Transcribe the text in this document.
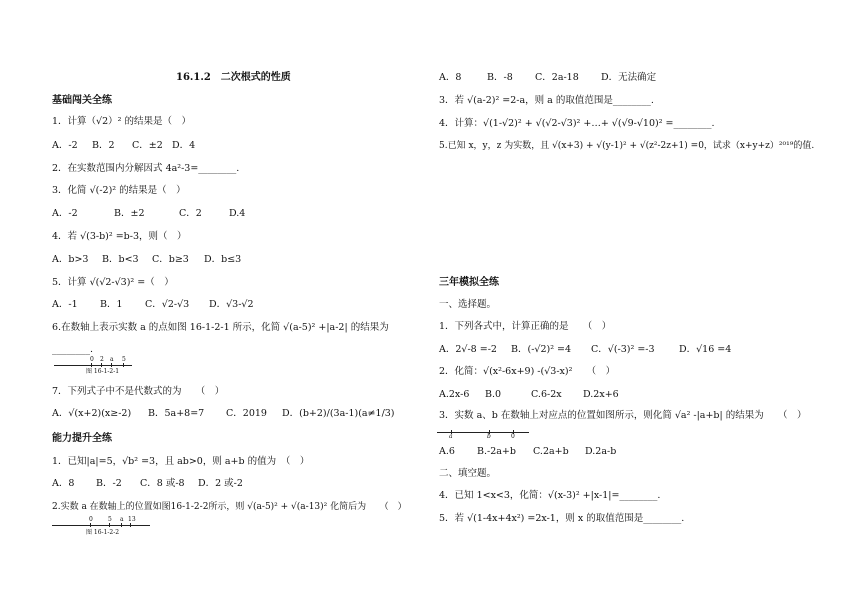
16.1.2　二次根式的性质
基础闯关全练
1．计算（√2）² 的结果是（　）
A．-2 B．2 C．±2 D．4
2．在实数范围内分解因式 4a²-3=________.
3．化简 √(-2)² 的结果是（　）
A．-2	B．±2	C．2	D.4
4．若 √(3-b)² =b-3，则（　）
A．b>3 B．b<3 C．b≥3 D．b≤3
5．计算 √(√2-√3)² =（　）
A．-1 B．1 C．√2-√3 D．√3-√2
6.在数轴上表示实数 a 的点如图 16-1-2-1 所示，化简 √(a-5)² +|a-2| 的结果为
________.
0 2 a 5
图 16-1-2-1
7．下列式子中不是代数式的为　　（　）
A．√(x+2)(x≥-2) B．5a+8=7 C．2019 D．(b+2)/(3a-1)(a≠1/3)
能力提升全练
1．已知|a|=5，√b² =3，且 ab>0，则 a+b 的值为　（　）
A．8 B．-2 C．8 或-8 D．2 或-2
2.实数 a 在数轴上的位置如图16-1-2-2所示，则 √(a-5)² + √(a-13)² 化简后为　　（　）
0	5 a 13
图 16-1-2-2
A．8	B．-8 C．2a-18 D．无法确定
3．若 √(a-2)² =2-a，则 a 的取值范围是________.
4．计算：√(1-√2)² + √(√2-√3)² +…+ √(√9-√10)² =________.
5.已知 x，y，z 为实数，且 √(x+3) + √(y-1)² + √(z²-2z+1) =0，试求（x+y+z）²⁰¹⁹的值.
三年模拟全练
一、选择题。
1．下列各式中，计算正确的是　　（　）
A．2√-8 =-2 B．(-√2)² =4 C．√(-3)² =-3	D．√16 =4
2．化简：√(x²-6x+9) -(√3-x)²　　（　）
A.2x-6 B.0	C.6-2x D.2x+6
3．实数 a、b 在数轴上对应点的位置如图所示，则化简 √a² -|a+b| 的结果为　　（　）
a	b	0
A.6 B.-2a+b C.2a+b D.2a-b
二、填空题。
4．已知 1<x<3，化简：√(x-3)² +|x-1|=________.
5．若 √(1-4x+4x²) =2x-1，则 x 的取值范围是________.
